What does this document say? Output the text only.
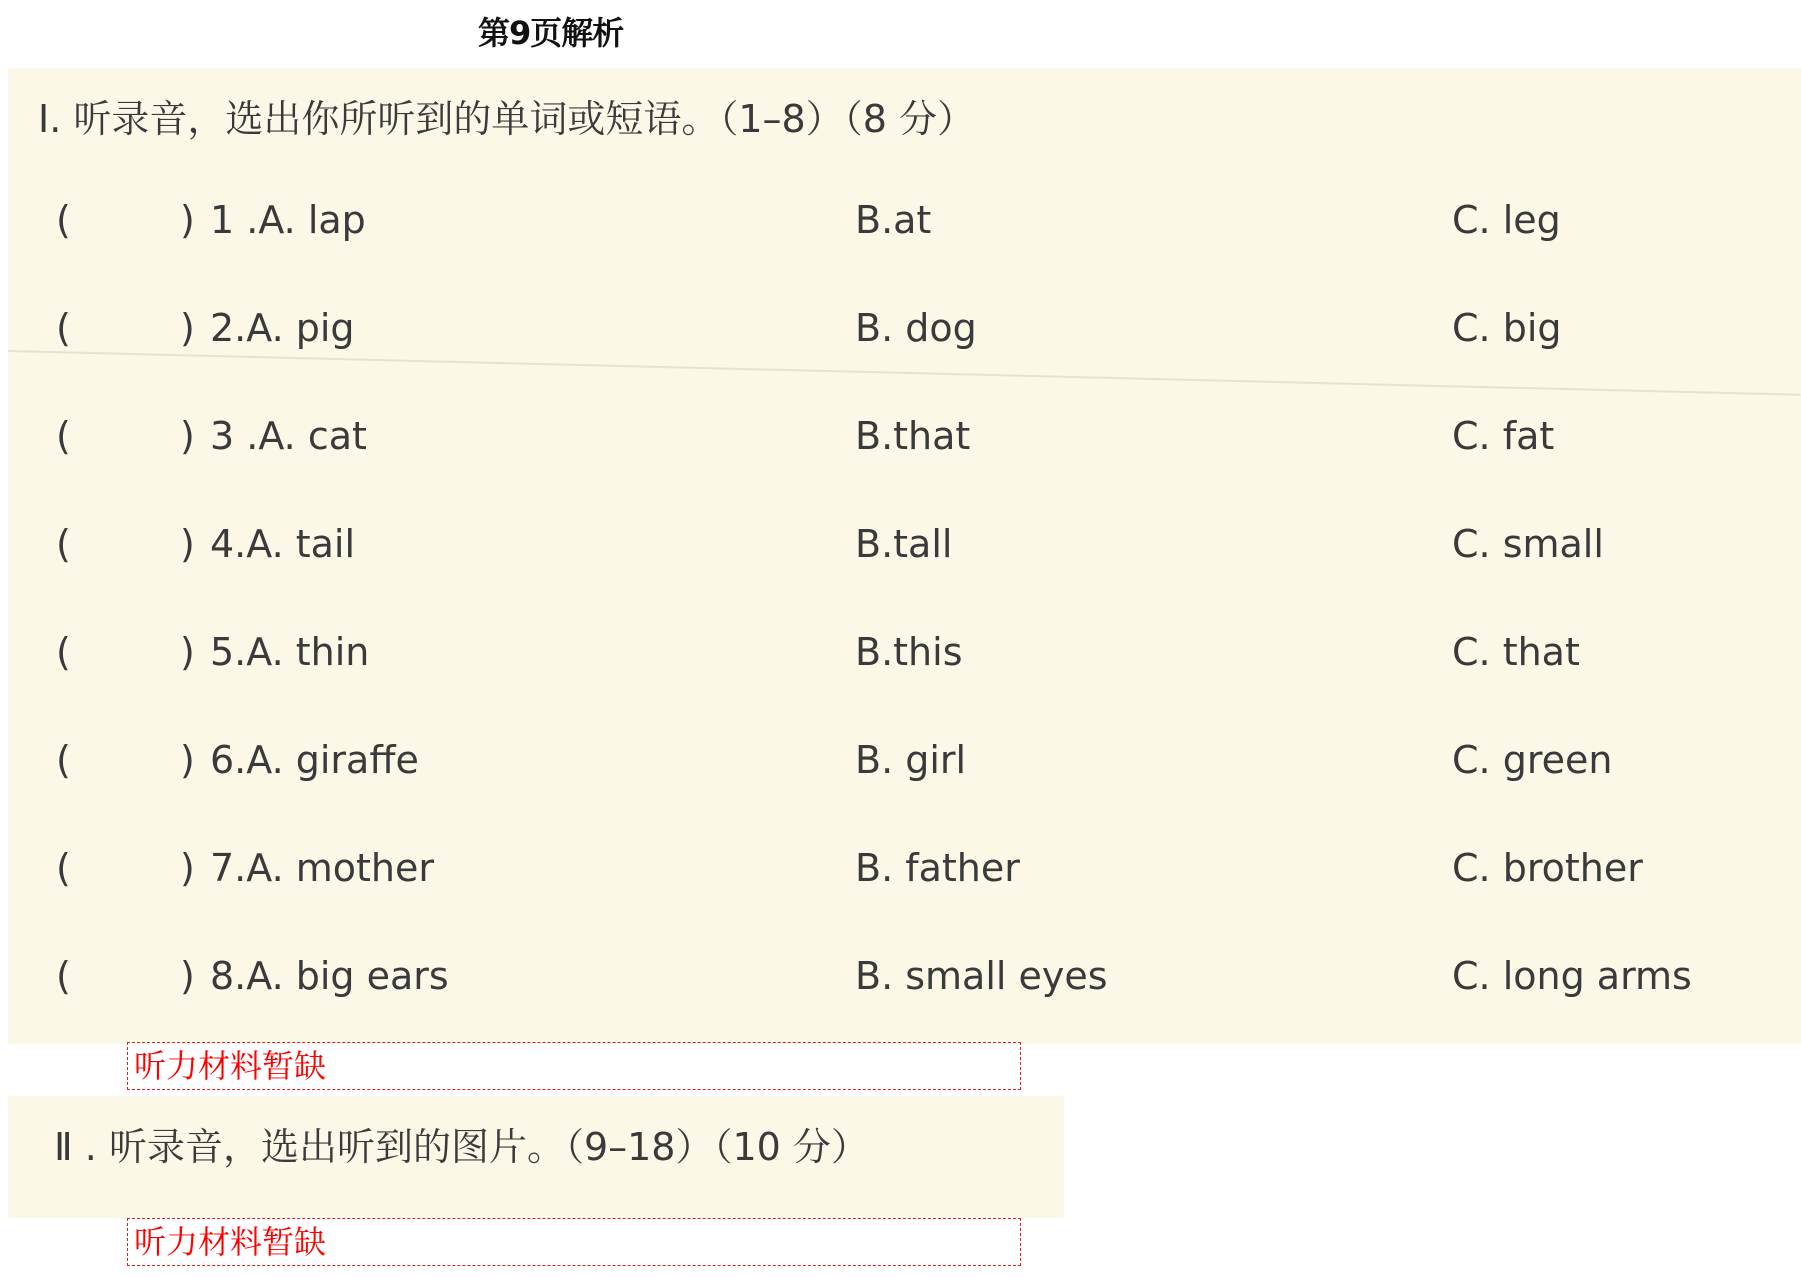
第9页解析
I. 听录音，选出你所听到的单词或短语。（1–8）（8 分）
(	) 1 .A. lap	B.at	C. leg
(	) 2.A. pig	B. dog	C. big
(	) 3 .A. cat	B.that	C. fat
(	) 4.A. tail	B.tall	C. small
(	) 5.A. thin	B.this	C. that
(	) 6.A. giraffe	B. girl	C. green
(	) 7.A. mother	B. father	C. brother
(	) 8.A. big ears	B. small eyes	C. long arms
听力材料暂缺
Ⅱ . 听录音，选出听到的图片。（9–18）（10 分）
听力材料暂缺
